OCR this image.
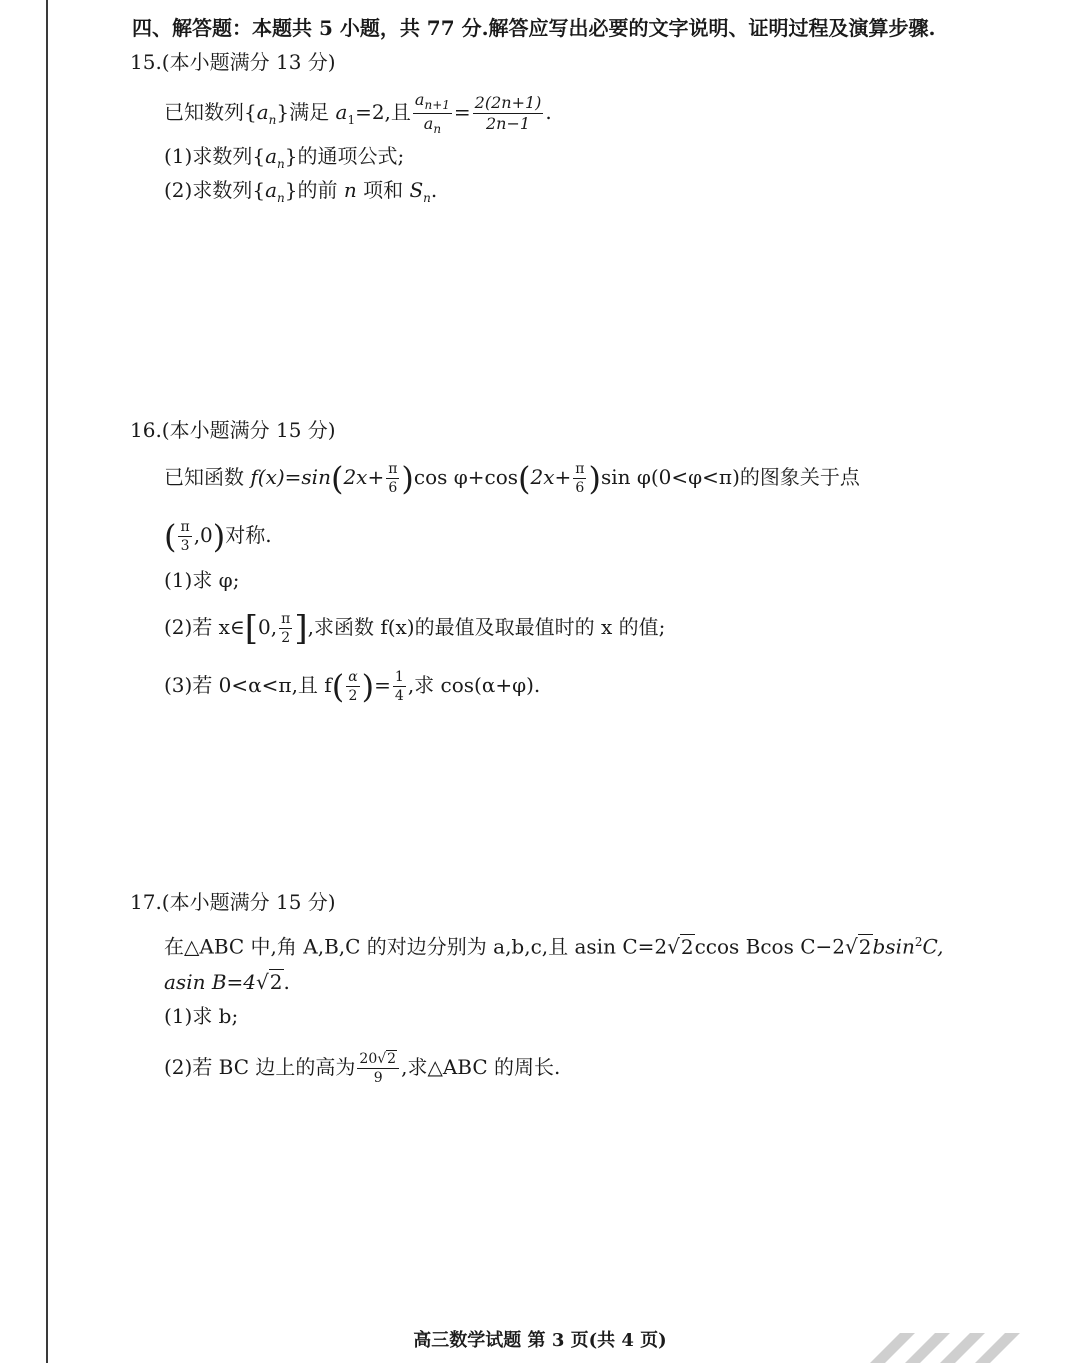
四、解答题：本题共 5 小题，共 77 分.解答应写出必要的文字说明、证明过程及演算步骤.
15.(本小题满分 13 分)
已知数列$\{a_n\}$满足 $a_1=2$,且 $\frac{a_{n+1}}{a_n} = \frac{2(2n+1)}{2n-1}$ .
(1)求数列$\{a_n\}$的通项公式;
(2)求数列$\{a_n\}$的前 n 项和 $S_n$.
16.(本小题满分 15 分)
已知函数 $f(x)=\sin(2x+ \frac{\pi}{6} )\cos$ $\varphi+\cos(2x+ \frac{\pi}{6} )\sin$ φ(0<φ<π)的图象关于点
( $\frac{\pi}{3} ,0$)对称.
(1)求 φ;
(2)若 x∈[0, $\frac{\pi}{2}$ ],求函数 f(x)的最值及取最值时的 x 的值;
(3)若 0<α<π,且 $f( \frac{\alpha}{2}$ )= $\frac{1}{4}$ ,求 cos(α+φ).
17.(本小题满分 15 分)
在△ABC 中,角 A,B,C 的对边分别为 a,b,c,且 asin C=2√2ccos Bcos C−2√2bsin$^2$C,
asin B=4√2.
(1)求 b;
(2)若 BC 边上的高为 $\frac{20√2}{9}$ ,求△ABC 的周长.
高三数学试题 第 3 页(共 4 页)
